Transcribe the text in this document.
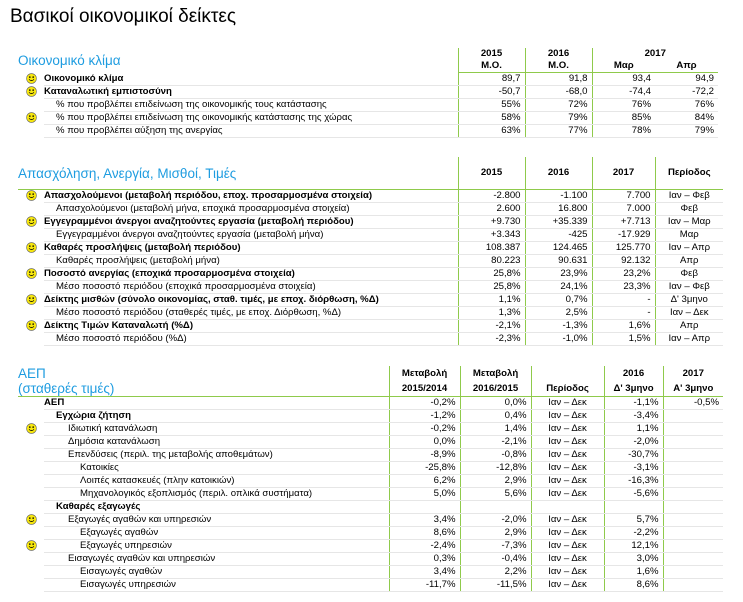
Βασικοί οικονομικοί δείκτες
Οικονομικό κλίμα		2015	2016	2017	
		Μ.Ο.	Μ.Ο.	Μαρ	Απρ
	Οικονομικό κλίμα	89,7	91,8	93,4	94,9
	Καταναλωτική εμπιστοσύνη	-50,7	-68,0	-74,4	-72,2
	% που προβλέπει επιδείνωση της οικονομικής τους κατάστασης	55%	72%	76%	76%
	% που προβλέπει επιδείνωση της οικονομικής κατάστασης της χώρας	58%	79%	85%	84%
	% που προβλέπει αύξηση της ανεργίας	63%	77%	78%	79%
Απασχόληση, Ανεργία, Μισθοί, Τιμές		2015	2016	2017	Περίοδος
	Απασχολούμενοι (μεταβολή περιόδου, εποχ. προσαρμοσμένα στοιχεία)	-2.800	-1.100	7.700	Ιαν – Φεβ
	Απασχολούμενοι (μεταβολή μήνα, εποχικά προσαρμοσμένα στοιχεία)	2.600	16.800	7.000	Φεβ
	Εγγεγραμμένοι άνεργοι αναζητούντες εργασία (μεταβολή περιόδου)	+9.730	+35.339	+7.713	Ιαν – Μαρ
	Εγγεγραμμένοι άνεργοι αναζητούντες εργασία (μεταβολή μήνα)	+3.343	-425	-17.929	Μαρ
	Καθαρές προσλήψεις (μεταβολή περιόδου)	108.387	124.465	125.770	Ιαν – Απρ
	Καθαρές προσλήψεις (μεταβολή μήνα)	80.223	90.631	92.132	Απρ
	Ποσοστό ανεργίας (εποχικά προσαρμοσμένα στοιχεία)	25,8%	23,9%	23,2%	Φεβ
	Μέσο ποσοστό περιόδου (εποχικά προσαρμοσμένα στοιχεία)	25,8%	24,1%	23,3%	Ιαν – Φεβ
	Δείκτης μισθών (σύνολο οικονομίας, σταθ. τιμές, με εποχ. διόρθωση, %Δ)	1,1%	0,7%	-	Δ' 3μηνο
	Μέσο ποσοστό περιόδου (σταθερές τιμές, με εποχ. Διόρθωση, %Δ)	1,3%	2,5%	-	Ιαν – Δεκ
	Δείκτης Τιμών Καταναλωτή (%Δ)	-2,1%	-1,3%	1,6%	Απρ
	Μέσο ποσοστό περιόδου (%Δ)	-2,3%	-1,0%	1,5%	Ιαν – Απρ
ΑΕΠ		Μεταβολή	Μεταβολή		2016	2017
(σταθερές τιμές)		2015/2014	2016/2015	Περίοδος	Δ' 3μηνο	Α' 3μηνο
	ΑΕΠ	-0,2%	0,0%	Ιαν – Δεκ	-1,1%	-0,5%
	Εγχώρια ζήτηση	-1,2%	0,4%	Ιαν – Δεκ	-3,4%	
	Ιδιωτική κατανάλωση	-0,2%	1,4%	Ιαν – Δεκ	1,1%	
	Δημόσια κατανάλωση	0,0%	-2,1%	Ιαν – Δεκ	-2,0%	
	Επενδύσεις (περιλ. της μεταβολής αποθεμάτων)	-8,9%	-0,8%	Ιαν – Δεκ	-30,7%	
	Κατοικίες	-25,8%	-12,8%	Ιαν – Δεκ	-3,1%	
	Λοιπές κατασκευές (πλην κατοικιών)	6,2%	2,9%	Ιαν – Δεκ	-16,3%	
	Μηχανολογικός εξοπλισμός (περιλ. οπλικά συστήματα)	5,0%	5,6%	Ιαν – Δεκ	-5,6%	
	Καθαρές εξαγωγές					
	Εξαγωγές αγαθών και υπηρεσιών	3,4%	-2,0%	Ιαν – Δεκ	5,7%	
	Εξαγωγές αγαθών	8,6%	2,9%	Ιαν – Δεκ	-2,2%	
	Εξαγωγές υπηρεσιών	-2,4%	-7,3%	Ιαν – Δεκ	12,1%	
	Εισαγωγές αγαθών και υπηρεσιών	0,3%	-0,4%	Ιαν – Δεκ	3,0%	
	Εισαγωγές αγαθών	3,4%	2,2%	Ιαν – Δεκ	1,6%	
	Εισαγωγές υπηρεσιών	-11,7%	-11,5%	Ιαν – Δεκ	8,6%	
